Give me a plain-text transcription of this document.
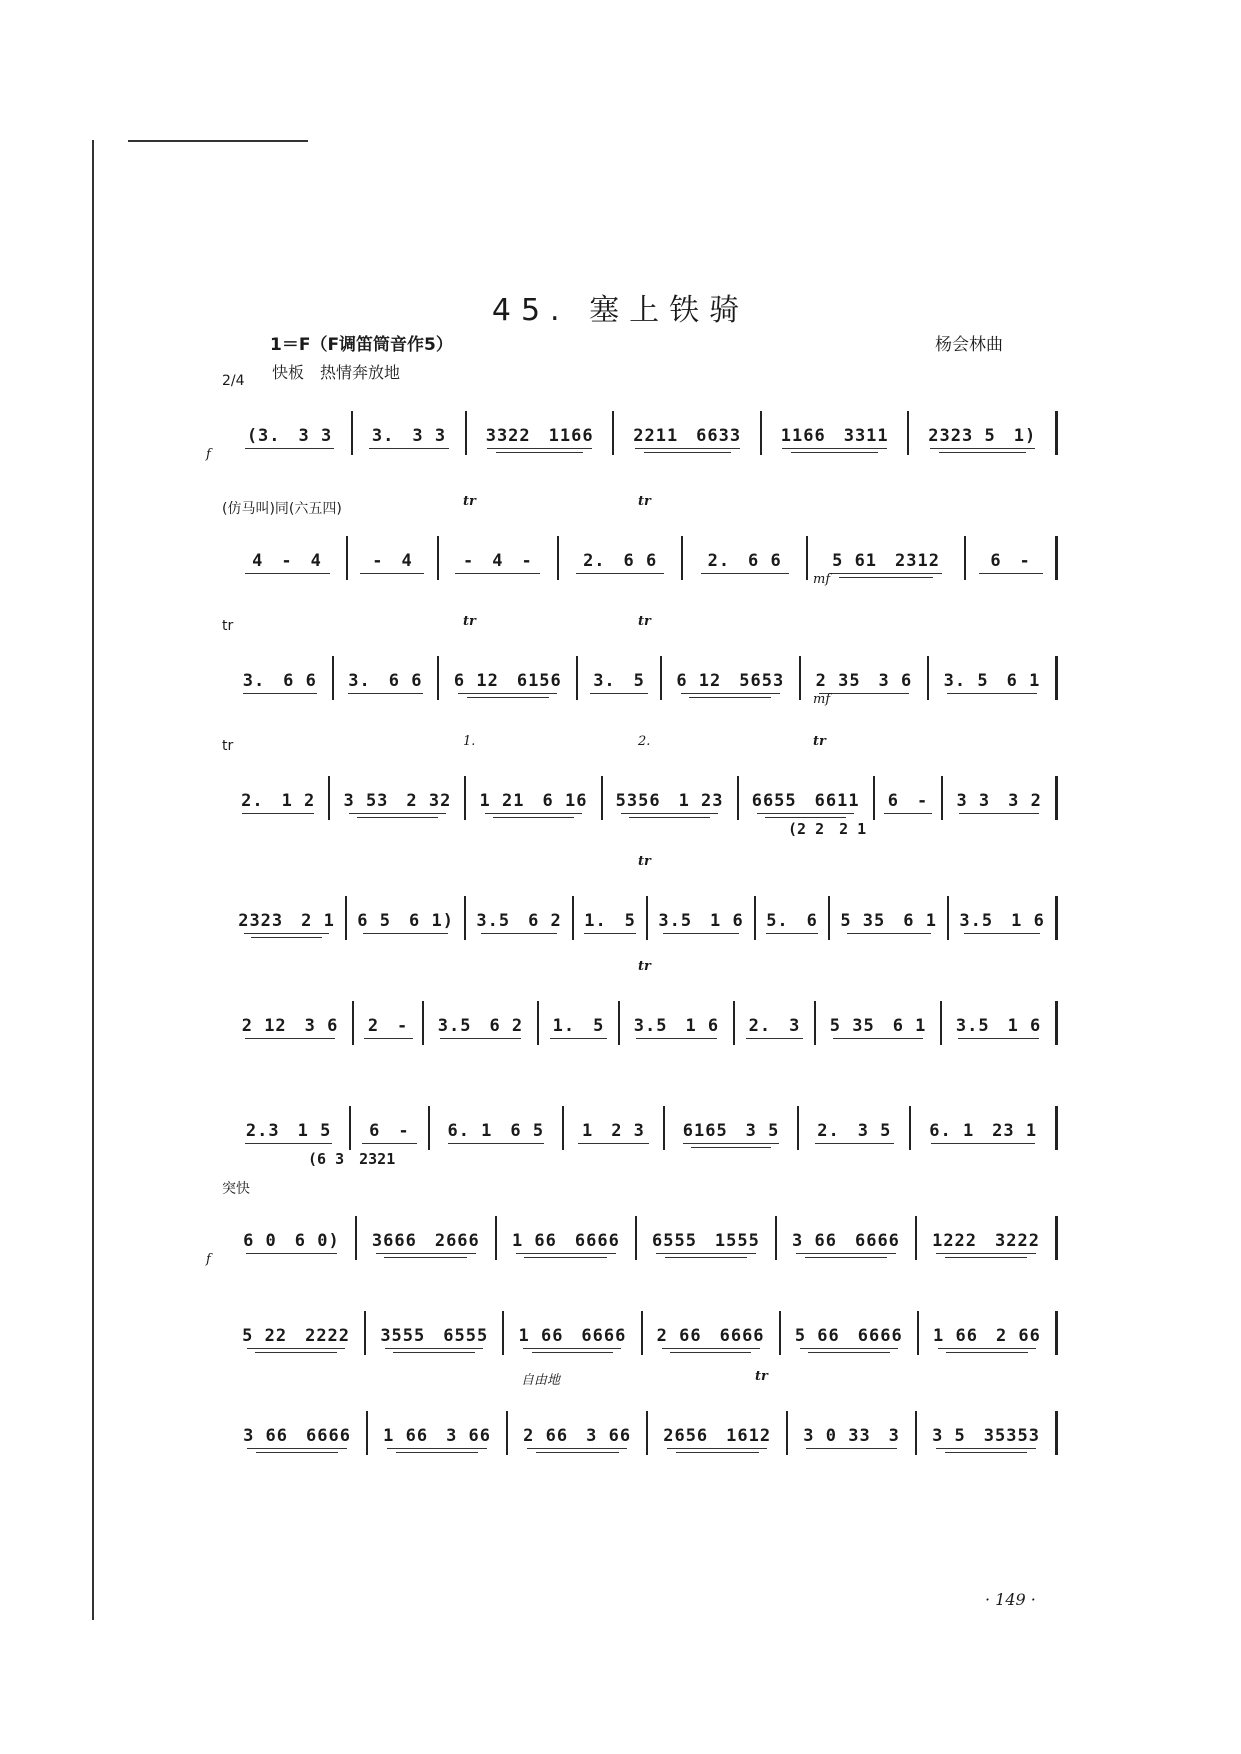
45. 塞上铁骑
1＝F（F调笛筒音作5）	杨会林曲
快板　热情奔放地
2/4
(3.　3 3 3.　3 3 3322　1166 2211　6633 1166　3311 2323 5　1)
f
(仿马叫)同(六五四)
4　-　4	-　4	-　4　-	2.　6 6	2.　6 6	5 61　2312	6　-
tr	tr
mf
tr
3.　6 6 3.　6 6 6 12　6156 3.　5 6 12　5653 2 35　3 6 3. 5　6 1
tr	tr
mf
tr
2.　1 2 3 53　2 32 1 21　6 16 5356　1 23 6655　6611 6　- 3 3　3 2
1.	2.	tr
(2 2　2 1
2323　2 1 6 5　6 1) 3.5　6 2 1.　5 3.5　1 6 5.　6 5 35　6 1 3.5　1 6
tr
2 12　3 6 2　- 3.5　6 2 1.　5 3.5　1 6 2.　3 5 35　6 1 3.5　1 6
tr
2.3　1 5 6　- 6. 1　6 5 1　2 3 6165　3 5 2.　3 5 6. 1　23 1
(6 3　2321
突快
6 0　6 0) 3666　2666 1 66　6666 6555　1555 3 66　6666 1222　3222
f
5 22　2222 3555　6555 1 66　6666 2 66　6666 5 66　6666 1 66　2 66
3 66　6666 1 66　3 66 2 66　3 66 2656　1612 3 0 33　3 3 5　35353
自由地	tr
· 149 ·
